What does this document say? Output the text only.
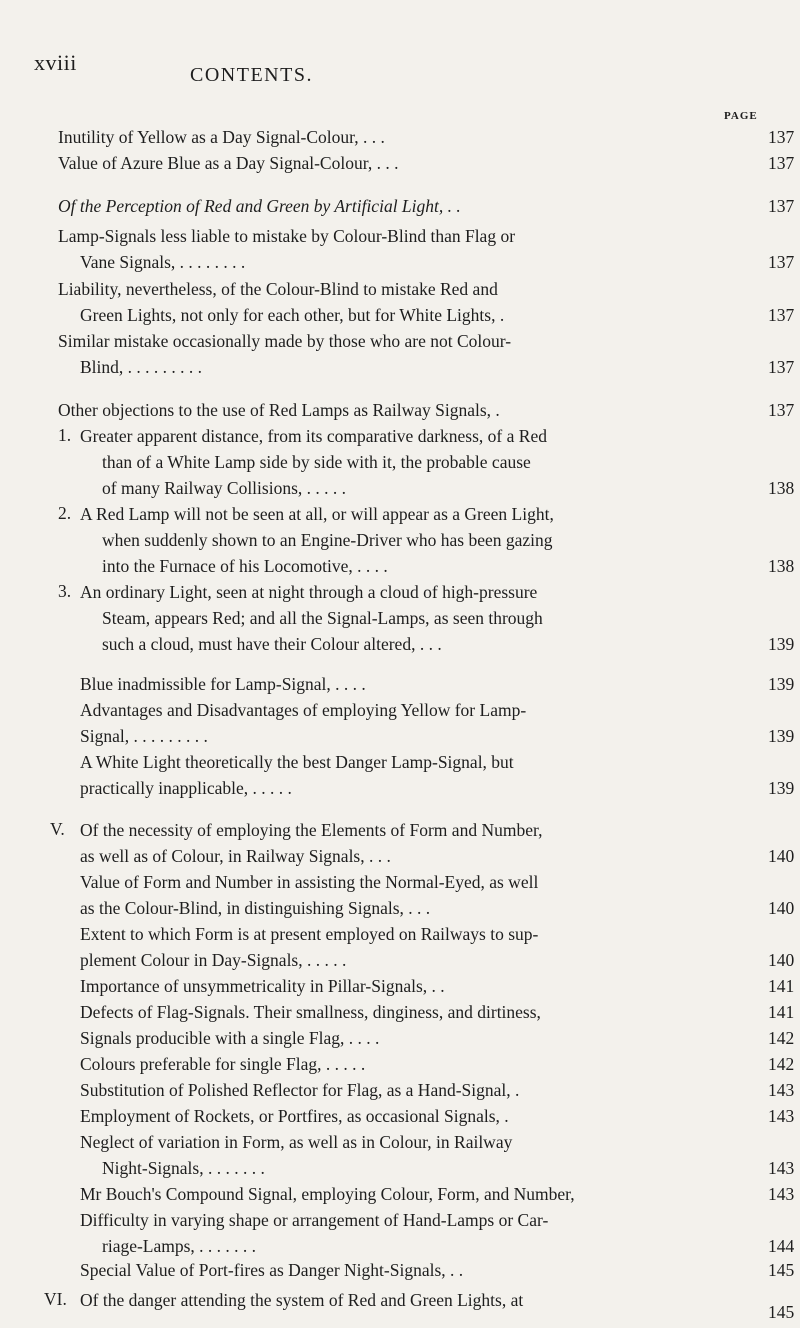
xviii	CONTENTS.
PAGE
Inutility of Yellow as a Day Signal-Colour, . . .	137
Value of Azure Blue as a Day Signal-Colour, . . .	137
Of the Perception of Red and Green by Artificial Light, . .	137
Lamp-Signals less liable to mistake by Colour-Blind than Flag or
Vane Signals, . . . . . . . .	137
Liability, nevertheless, of the Colour-Blind to mistake Red and
Green Lights, not only for each other, but for White Lights, .	137
Similar mistake occasionally made by those who are not Colour-
Blind, . . . . . . . . .	137
Other objections to the use of Red Lamps as Railway Signals, .	137
1. Greater apparent distance, from its comparative darkness, of a Red
than of a White Lamp side by side with it, the probable cause
of many Railway Collisions, . . . . .	138
2. A Red Lamp will not be seen at all, or will appear as a Green Light,
when suddenly shown to an Engine-Driver who has been gazing
into the Furnace of his Locomotive, . . . .	138
3. An ordinary Light, seen at night through a cloud of high-pressure
Steam, appears Red; and all the Signal-Lamps, as seen through
such a cloud, must have their Colour altered, . . .	139
Blue inadmissible for Lamp-Signal, . . . .	139
Advantages and Disadvantages of employing Yellow for Lamp-
Signal, . . . . . . . . .	139
A White Light theoretically the best Danger Lamp-Signal, but
practically inapplicable, . . . . .	139
V. Of the necessity of employing the Elements of Form and Number,
as well as of Colour, in Railway Signals, . . .	140
Value of Form and Number in assisting the Normal-Eyed, as well
as the Colour-Blind, in distinguishing Signals, . . .	140
Extent to which Form is at present employed on Railways to sup-
plement Colour in Day-Signals, . . . . .	140
Importance of unsymmetricality in Pillar-Signals, . .	141
Defects of Flag-Signals. Their smallness, dinginess, and dirtiness,	141
Signals producible with a single Flag, . . . .	142
Colours preferable for single Flag, . . . . .	142
Substitution of Polished Reflector for Flag, as a Hand-Signal, .	143
Employment of Rockets, or Portfires, as occasional Signals, .	143
Neglect of variation in Form, as well as in Colour, in Railway
Night-Signals, . . . . . . .	143
Mr Bouch's Compound Signal, employing Colour, Form, and Number,	143
Difficulty in varying shape or arrangement of Hand-Lamps or Car-
riage-Lamps, . . . . . . .	144
Special Value of Port-fires as Danger Night-Signals, . .	145
VI. Of the danger attending the system of Red and Green Lights, at
145
